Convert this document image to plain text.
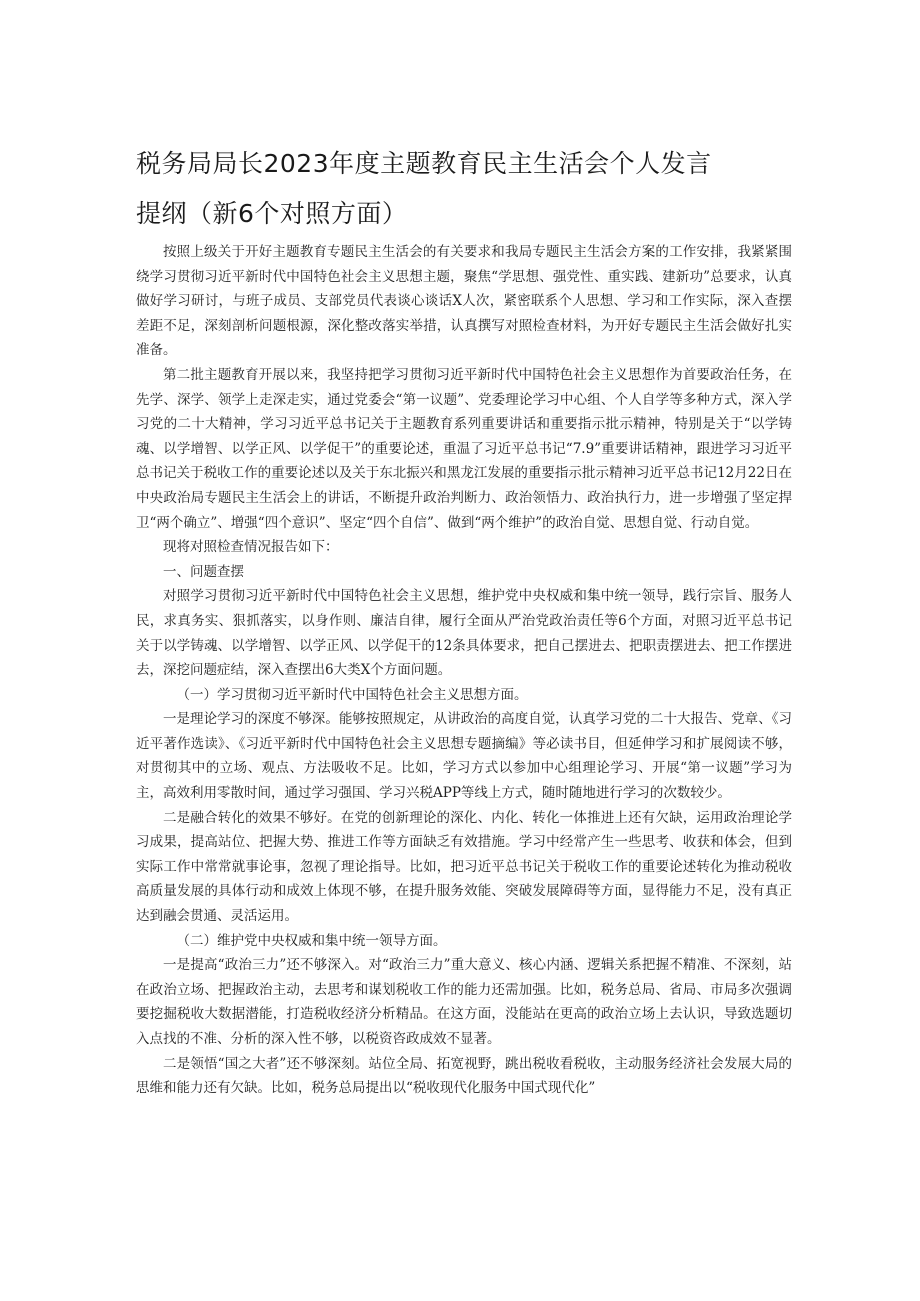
税务局局长2023年度主题教育民主生活会个人发言
提纲（新6个对照方面）

按照上级关于开好主题教育专题民主生活会的有关要求和我局专题民主生活会方案的工作安排，我紧紧围绕学习贯彻习近平新时代中国特色社会主义思想主题，聚焦“学思想、强党性、重实践、建新功”总要求，认真做好学习研讨，与班子成员、支部党员代表谈心谈话X人次，紧密联系个人思想、学习和工作实际，深入查摆差距不足，深刻剖析问题根源，深化整改落实举措，认真撰写对照检查材料，为开好专题民主生活会做好扎实准备。

第二批主题教育开展以来，我坚持把学习贯彻习近平新时代中国特色社会主义思想作为首要政治任务，在先学、深学、领学上走深走实，通过党委会“第一议题”、党委理论学习中心组、个人自学等多种方式，深入学习党的二十大精神，学习习近平总书记关于主题教育系列重要讲话和重要指示批示精神，特别是关于“以学铸魂、以学增智、以学正风、以学促干”的重要论述，重温了习近平总书记“7.9”重要讲话精神，跟进学习习近平总书记关于税收工作的重要论述以及关于东北振兴和黑龙江发展的重要指示批示精神习近平总书记12月22日在中央政治局专题民主生活会上的讲话，不断提升政治判断力、政治领悟力、政治执行力，进一步增强了坚定捍卫“两个确立”、增强“四个意识”、坚定“四个自信”、做到“两个维护”的政治自觉、思想自觉、行动自觉。

现将对照检查情况报告如下：

一、问题查摆

对照学习贯彻习近平新时代中国特色社会主义思想，维护党中央权威和集中统一领导，践行宗旨、服务人民，求真务实、狠抓落实，以身作则、廉洁自律，履行全面从严治党政治责任等6个方面，对照习近平总书记关于以学铸魂、以学增智、以学正风、以学促干的12条具体要求，把自己摆进去、把职责摆进去、把工作摆进去，深挖问题症结，深入查摆出6大类X个方面问题。

（一）学习贯彻习近平新时代中国特色社会主义思想方面。

一是理论学习的深度不够深。能够按照规定，从讲政治的高度自觉，认真学习党的二十大报告、党章、《习近平著作选读》、《习近平新时代中国特色社会主义思想专题摘编》等必读书目，但延伸学习和扩展阅读不够，对贯彻其中的立场、观点、方法吸收不足。比如，学习方式以参加中心组理论学习、开展“第一议题”学习为主，高效利用零散时间，通过学习强国、学习兴税APP等线上方式，随时随地进行学习的次数较少。

二是融合转化的效果不够好。在党的创新理论的深化、内化、转化一体推进上还有欠缺，运用政治理论学习成果，提高站位、把握大势、推进工作等方面缺乏有效措施。学习中经常产生一些思考、收获和体会，但到实际工作中常常就事论事，忽视了理论指导。比如，把习近平总书记关于税收工作的重要论述转化为推动税收高质量发展的具体行动和成效上体现不够，在提升服务效能、突破发展障碍等方面，显得能力不足，没有真正达到融会贯通、灵活运用。

（二）维护党中央权威和集中统一领导方面。

一是提高“政治三力”还不够深入。对“政治三力”重大意义、核心内涵、逻辑关系把握不精准、不深刻，站在政治立场、把握政治主动，去思考和谋划税收工作的能力还需加强。比如，税务总局、省局、市局多次强调要挖掘税收大数据潜能，打造税收经济分析精品。在这方面，没能站在更高的政治立场上去认识，导致选题切入点找的不准、分析的深入性不够，以税资咨政成效不显著。

二是领悟“国之大者”还不够深刻。站位全局、拓宽视野，跳出税收看税收，主动服务经济社会发展大局的思维和能力还有欠缺。比如，税务总局提出以“税收现代化服务中国式现代化”
